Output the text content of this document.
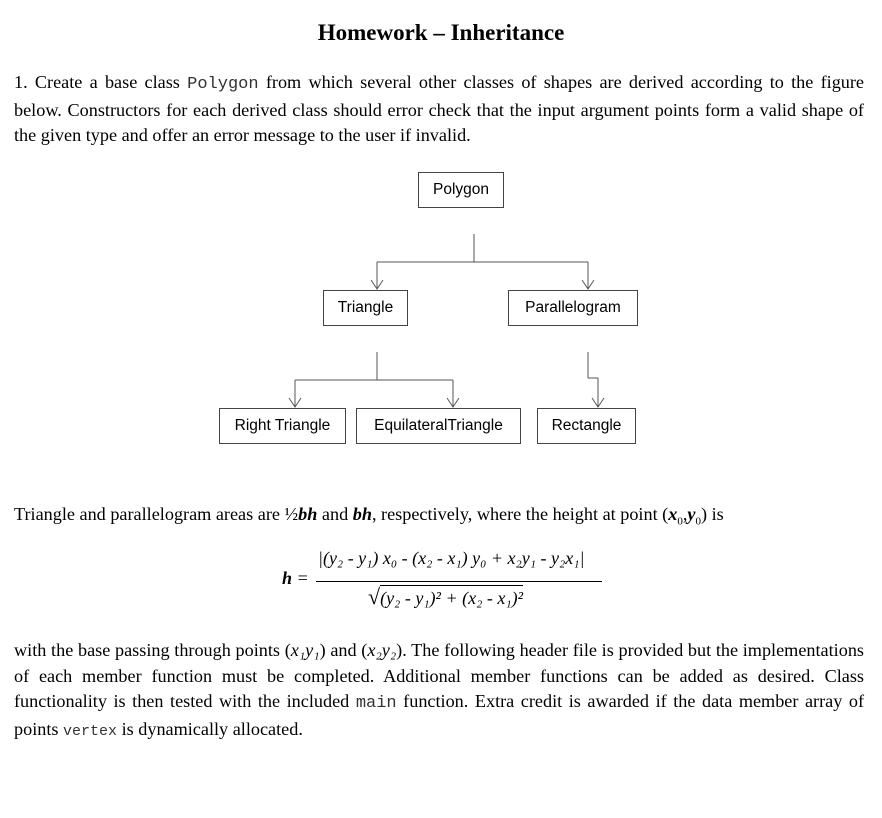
Homework – Inheritance

1. Create a base class Polygon from which several other classes of shapes are derived according to the figure below. Constructors for each derived class should error check that the input argument points form a valid shape of the given type and offer an error message to the user if invalid.

Polygon
Triangle	Parallelogram
Right Triangle	EquilateralTriangle	Rectangle

Triangle and parallelogram areas are ½bh and bh, respectively, where the height at point $(x_0,y_0)$ is

h =
|(y₂ - y₁) x₀ - (x₂ - x₁) y₀ + x₂y₁ - y₂x₁|
√(y₂ - y₁)² + (x₂ - x₁)²

with the base passing through points (x₁y₁) and (x₂y₂). The following header file is provided but the implementations of each member function must be completed. Additional member functions can be added as desired. Class functionality is then tested with the included main function. Extra credit is awarded if the data member array of points vertex is dynamically allocated.
